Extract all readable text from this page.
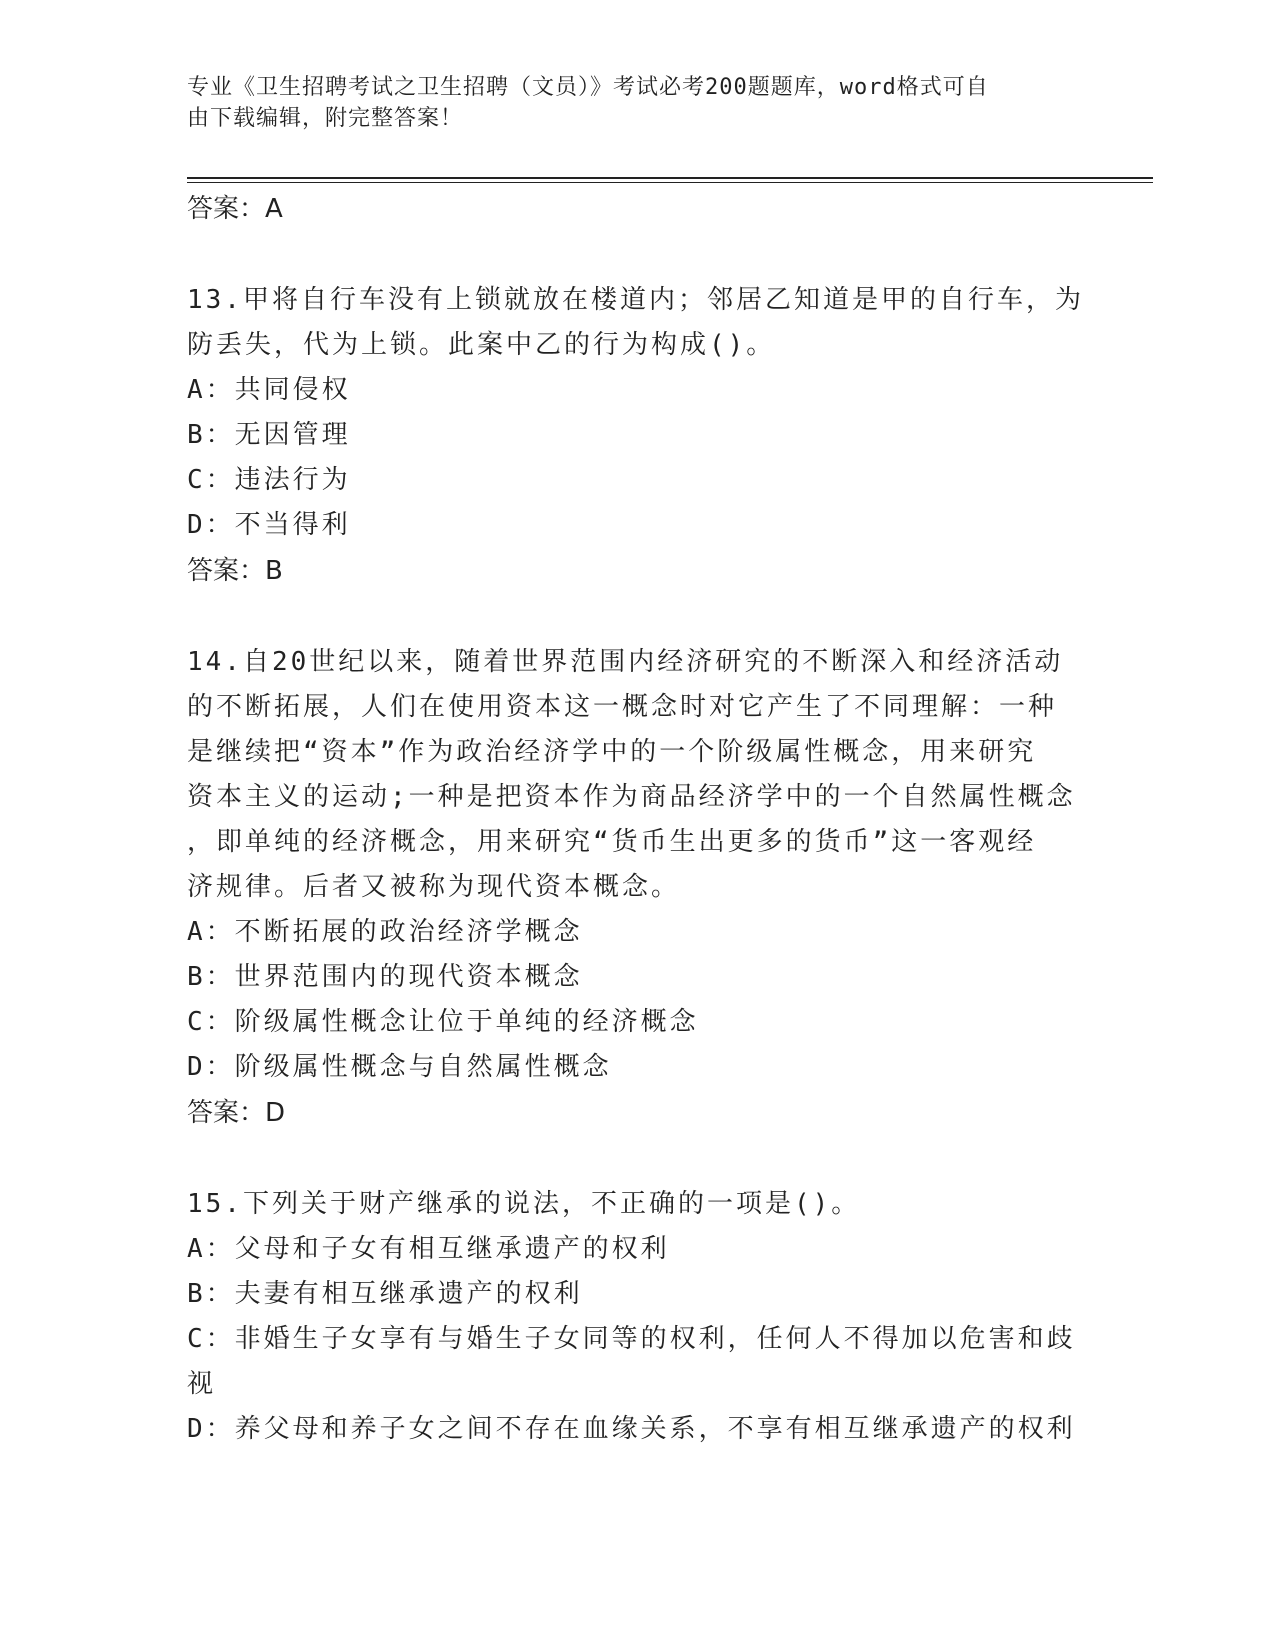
专业《卫生招聘考试之卫生招聘（文员）》考试必考200题题库，word格式可自
由下载编辑，附完整答案！
答案：A
13.甲将自行车没有上锁就放在楼道内；邻居乙知道是甲的自行车，为
防丢失，代为上锁。此案中乙的行为构成()。
A：共同侵权
B：无因管理
C：违法行为
D：不当得利
答案：B
14.自20世纪以来，随着世界范围内经济研究的不断深入和经济活动
的不断拓展，人们在使用资本这一概念时对它产生了不同理解：一种
是继续把“资本”作为政治经济学中的一个阶级属性概念，用来研究
资本主义的运动;一种是把资本作为商品经济学中的一个自然属性概念
，即单纯的经济概念，用来研究“货币生出更多的货币”这一客观经
济规律。后者又被称为现代资本概念。
A：不断拓展的政治经济学概念
B：世界范围内的现代资本概念
C：阶级属性概念让位于单纯的经济概念
D：阶级属性概念与自然属性概念
答案：D
15.下列关于财产继承的说法，不正确的一项是()。
A：父母和子女有相互继承遗产的权利
B：夫妻有相互继承遗产的权利
C：非婚生子女享有与婚生子女同等的权利，任何人不得加以危害和歧
视
D：养父母和养子女之间不存在血缘关系，不享有相互继承遗产的权利
